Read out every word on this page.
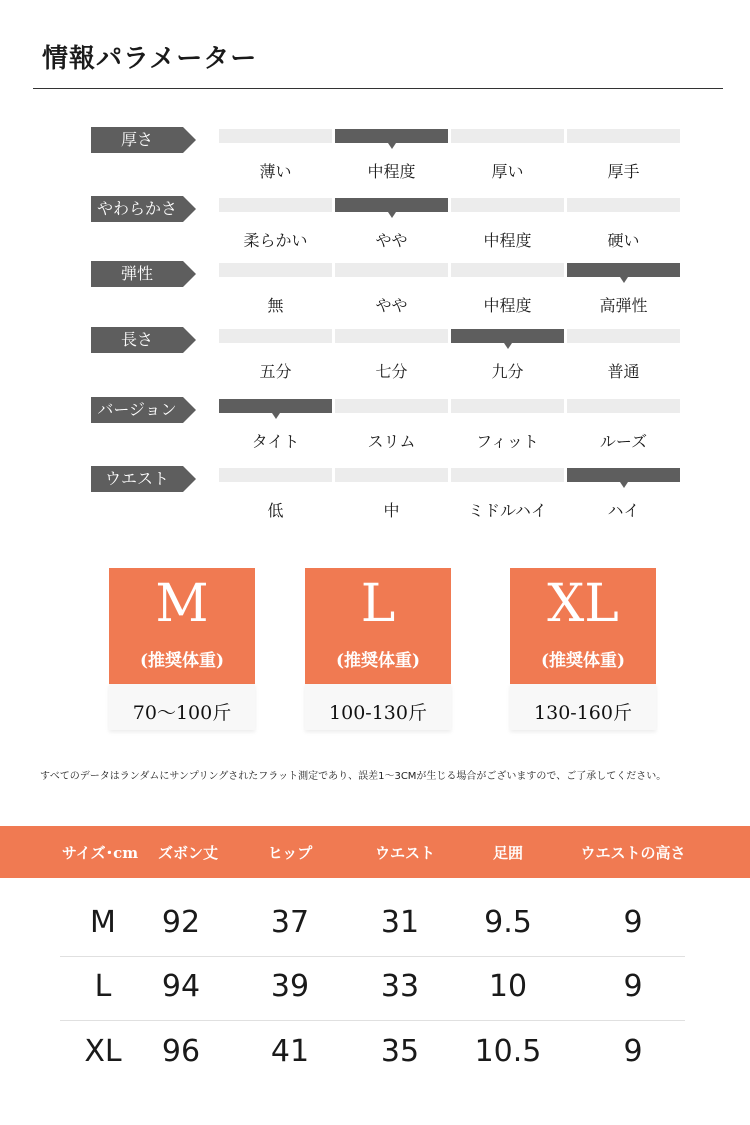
情報パラメーター
厚さ
薄い	中程度	厚い	厚手
やわらかさ
柔らかい	やや	中程度	硬い
弾性
無	やや	中程度	高弾性
長さ
五分	七分	九分	普通
バージョン
タイト	スリム	フィット	ルーズ
ウエスト
低	中	ミドルハイ	ハイ
M
(推奨体重)
70〜100斤
L
(推奨体重)
100-130斤
XL
(推奨体重)
130-160斤
すべてのデータはランダムにサンプリングされたフラット測定であり、誤差1〜3CMが生じる場合がございますので、ご了承してください。
サイズ･cm	ズボン丈	ヒップ	ウエスト	足囲	ウエストの高さ
M	92	37	31	9.5	9
L	94	39	33	10	9
XL	96	41	35	10.5	9
